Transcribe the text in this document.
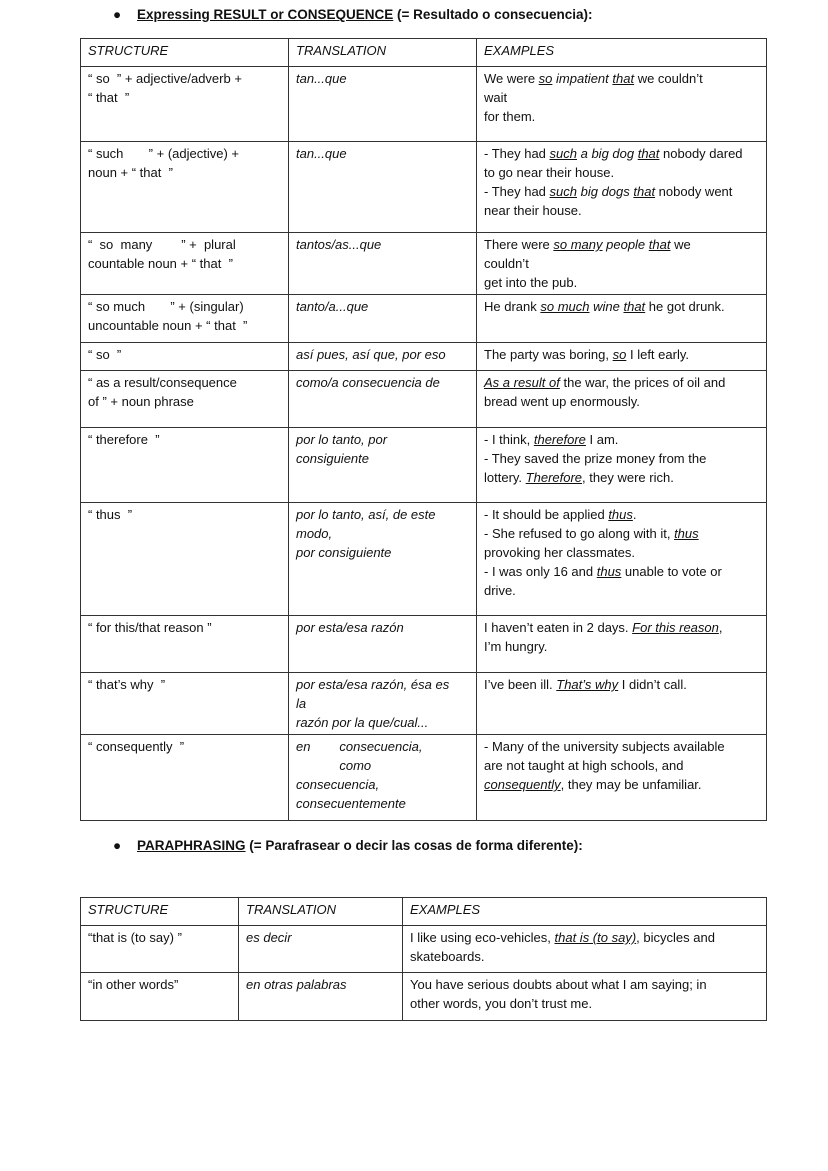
● Expressing RESULT or CONSEQUENCE (= Resultado o consecuencia):
STRUCTURE	TRANSLATION	EXAMPLES

“ so  ” + adjective/adverb +
“ that  ”	tan...que	We were so impatient that we couldn’t
wait
for them.

“ such       ” + (adjective) +
noun + “ that  ”	tan...que	- They had such a big dog that nobody dared
to go near their house.
- They had such big dogs that nobody went
near their house.

“  so  many        ” +  plural
countable noun + “ that  ”	tantos/as...que	There were so many people that we
couldn’t
get into the pub.

“ so much       ” + (singular)
uncountable noun + “ that  ”	tanto/a...que	He drank so much wine that he got drunk.

“ so  ”	así pues, así que, por eso	The party was boring, so I left early.

“ as a result/consequence
of ” + noun phrase	como/a consecuencia de	As a result of the war, the prices of oil and
bread went up enormously.

“ therefore  ”	por lo tanto, por
consiguiente	- I think, therefore I am.
- They saved the prize money from the
lottery. Therefore, they were rich.

“ thus  ”	por lo tanto, así, de este
modo,
por consiguiente	- It should be applied thus.
- She refused to go along with it, thus
provoking her classmates.
- I was only 16 and thus unable to vote or
drive.

“ for this/that reason ”	por esta/esa razón	I haven’t eaten in 2 days. For this reason,
I’m hungry.

“ that’s why  ”	por esta/esa razón, ésa es
la
razón por la que/cual...	I’ve been ill. That’s why I didn’t call.

“ consequently  ”	en        consecuencia,
como
consecuencia,
consecuentemente	- Many of the university subjects available
are not taught at high schools, and
consequently, they may be unfamiliar.
● PARAPHRASING (= Parafrasear o decir las cosas de forma diferente):
STRUCTURE	TRANSLATION	EXAMPLES

“that is (to say) ”	es decir	I like using eco-vehicles, that is (to say), bicycles and
skateboards.

“in other words”	en otras palabras	You have serious doubts about what I am saying; in
other words, you don’t trust me.
